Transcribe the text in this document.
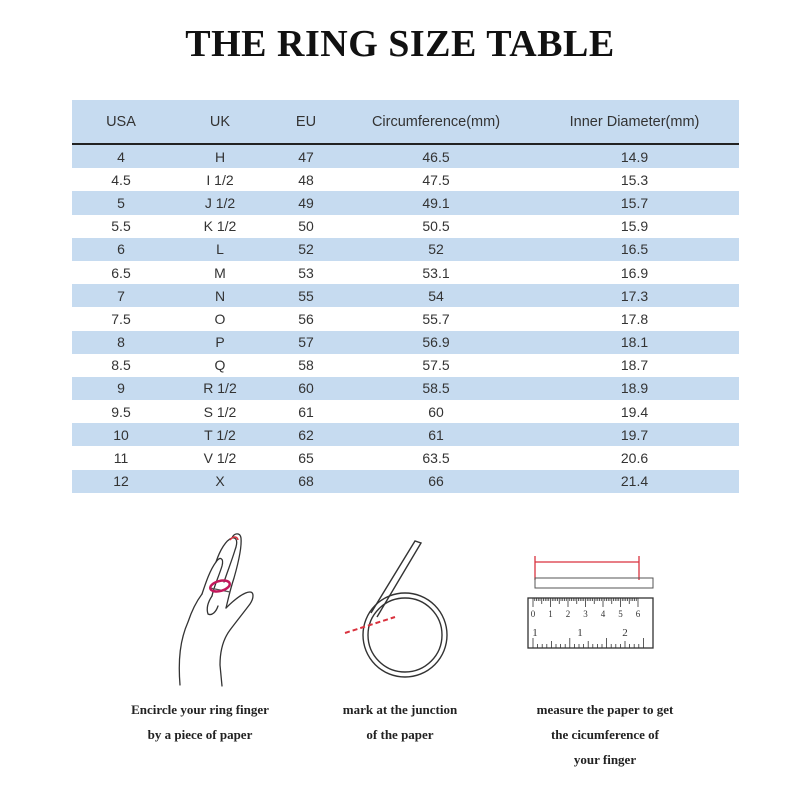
THE RING SIZE TABLE
USA	UK	EU	Circumference(mm)	Inner Diameter(mm)
4	H	47	46.5	14.9
4.5	I 1/2	48	47.5	15.3
5	J 1/2	49	49.1	15.7
5.5	K 1/2	50	50.5	15.9
6	L	52	52	16.5
6.5	M	53	53.1	16.9
7	N	55	54	17.3
7.5	O	56	55.7	17.8
8	P	57	56.9	18.1
8.5	Q	58	57.5	18.7
9	R 1/2	60	58.5	18.9
9.5	S 1/2	61	60	19.4
10	T 1/2	62	61	19.7
11	V 1/2	65	63.5	20.6
12	X	68	66	21.4
0 1 2 3 4 5 6
1	1	2
Encircle your ring finger
by a piece of paper
mark at the junction
of the paper
measure the paper to get
the cicumference of
your finger
